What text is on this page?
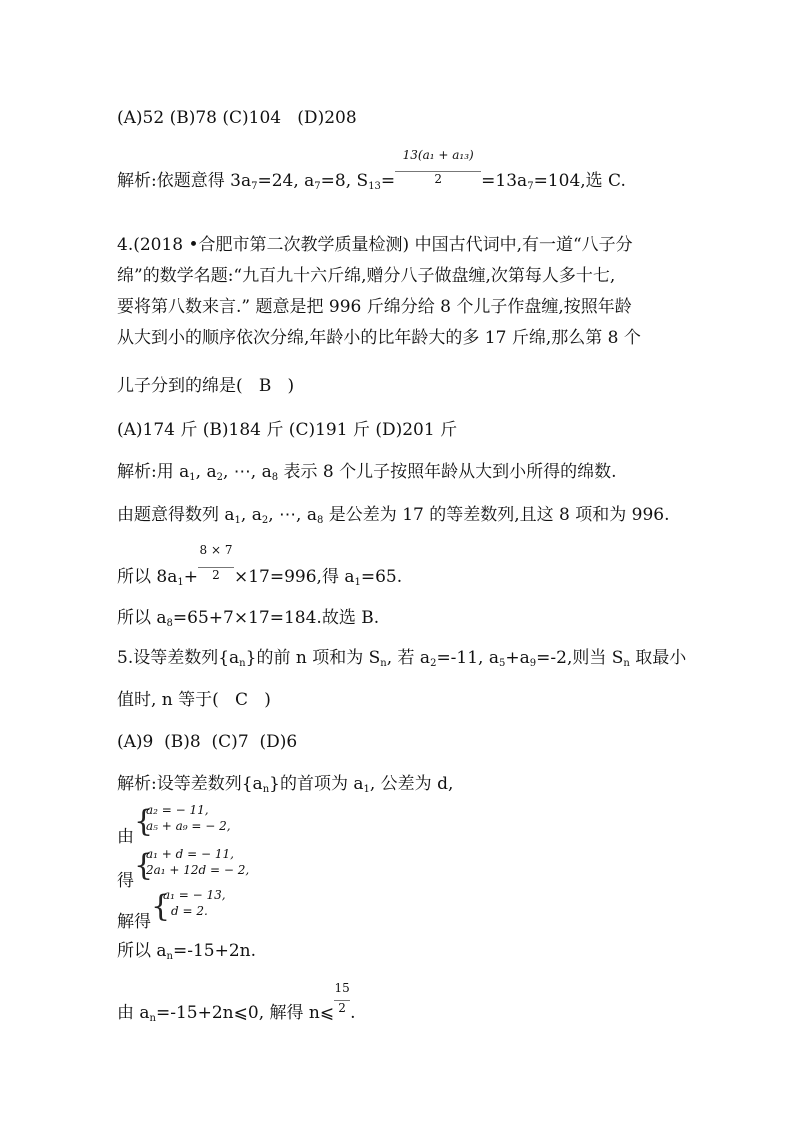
(A)52 (B)78 (C)104   (D)208
解析:依题意得 $3a_7=24$, $a_7=8$, $S_{13}= \frac{\text{13(a₁ + a₁₃)}}{2} =13a_7=104$,选 C.
4.(2018 •合肥市第二次教学质量检测) 中国古代词中,有一道“八子分
绵”的数学名题:“九百九十六斤绵,赠分八子做盘缠,次第每人多十七,
要将第八数来言.” 题意是把 996 斤绵分给 8 个儿子作盘缠,按照年龄
从大到小的顺序依次分绵,年龄小的比年龄大的多 17 斤绵,那么第 8 个
儿子分到的绵是(   B   )
(A)174 斤 (B)184 斤 (C)191 斤 (D)201 斤
解析:用 $a_1$, $a_2$, ⋯, $a_8$ 表示 8 个儿子按照年龄从大到小所得的绵数.
由题意得数列 $a_1$, $a_2$, ⋯, $a_8$ 是公差为 17 的等差数列,且这 8 项和为 996.
所以 $8a_1+ \frac{8 \times 7}{2} \times 17=996$,得 $a_1=65$.
所以 $a_8=65+7\times 17=184$.故选 B.
5.设等差数列$\{a_n\}$的前 n 项和为 $S_n$, 若 $a_2=-11$, $a_5+a_9=-2$,则当 $S_n$ 取最小
值时, n 等于(   C   )
(A)9  (B)8  (C)7  (D)6
解析:设等差数列$\{a_n\}$的首项为 $a_1$, 公差为 d,
由 {
a₂ = − 11,
a₅ + a₉ = − 2,
得 {
a₁ + d = − 11,
2a₁ + 12d = − 2,
解得 {
a₁ = − 13,
d = 2.
所以 $a_n=-15+2n$.
由 $a_n=-15+2n⩽0$, 解得 n⩽ $\frac{15}{2}$ .
